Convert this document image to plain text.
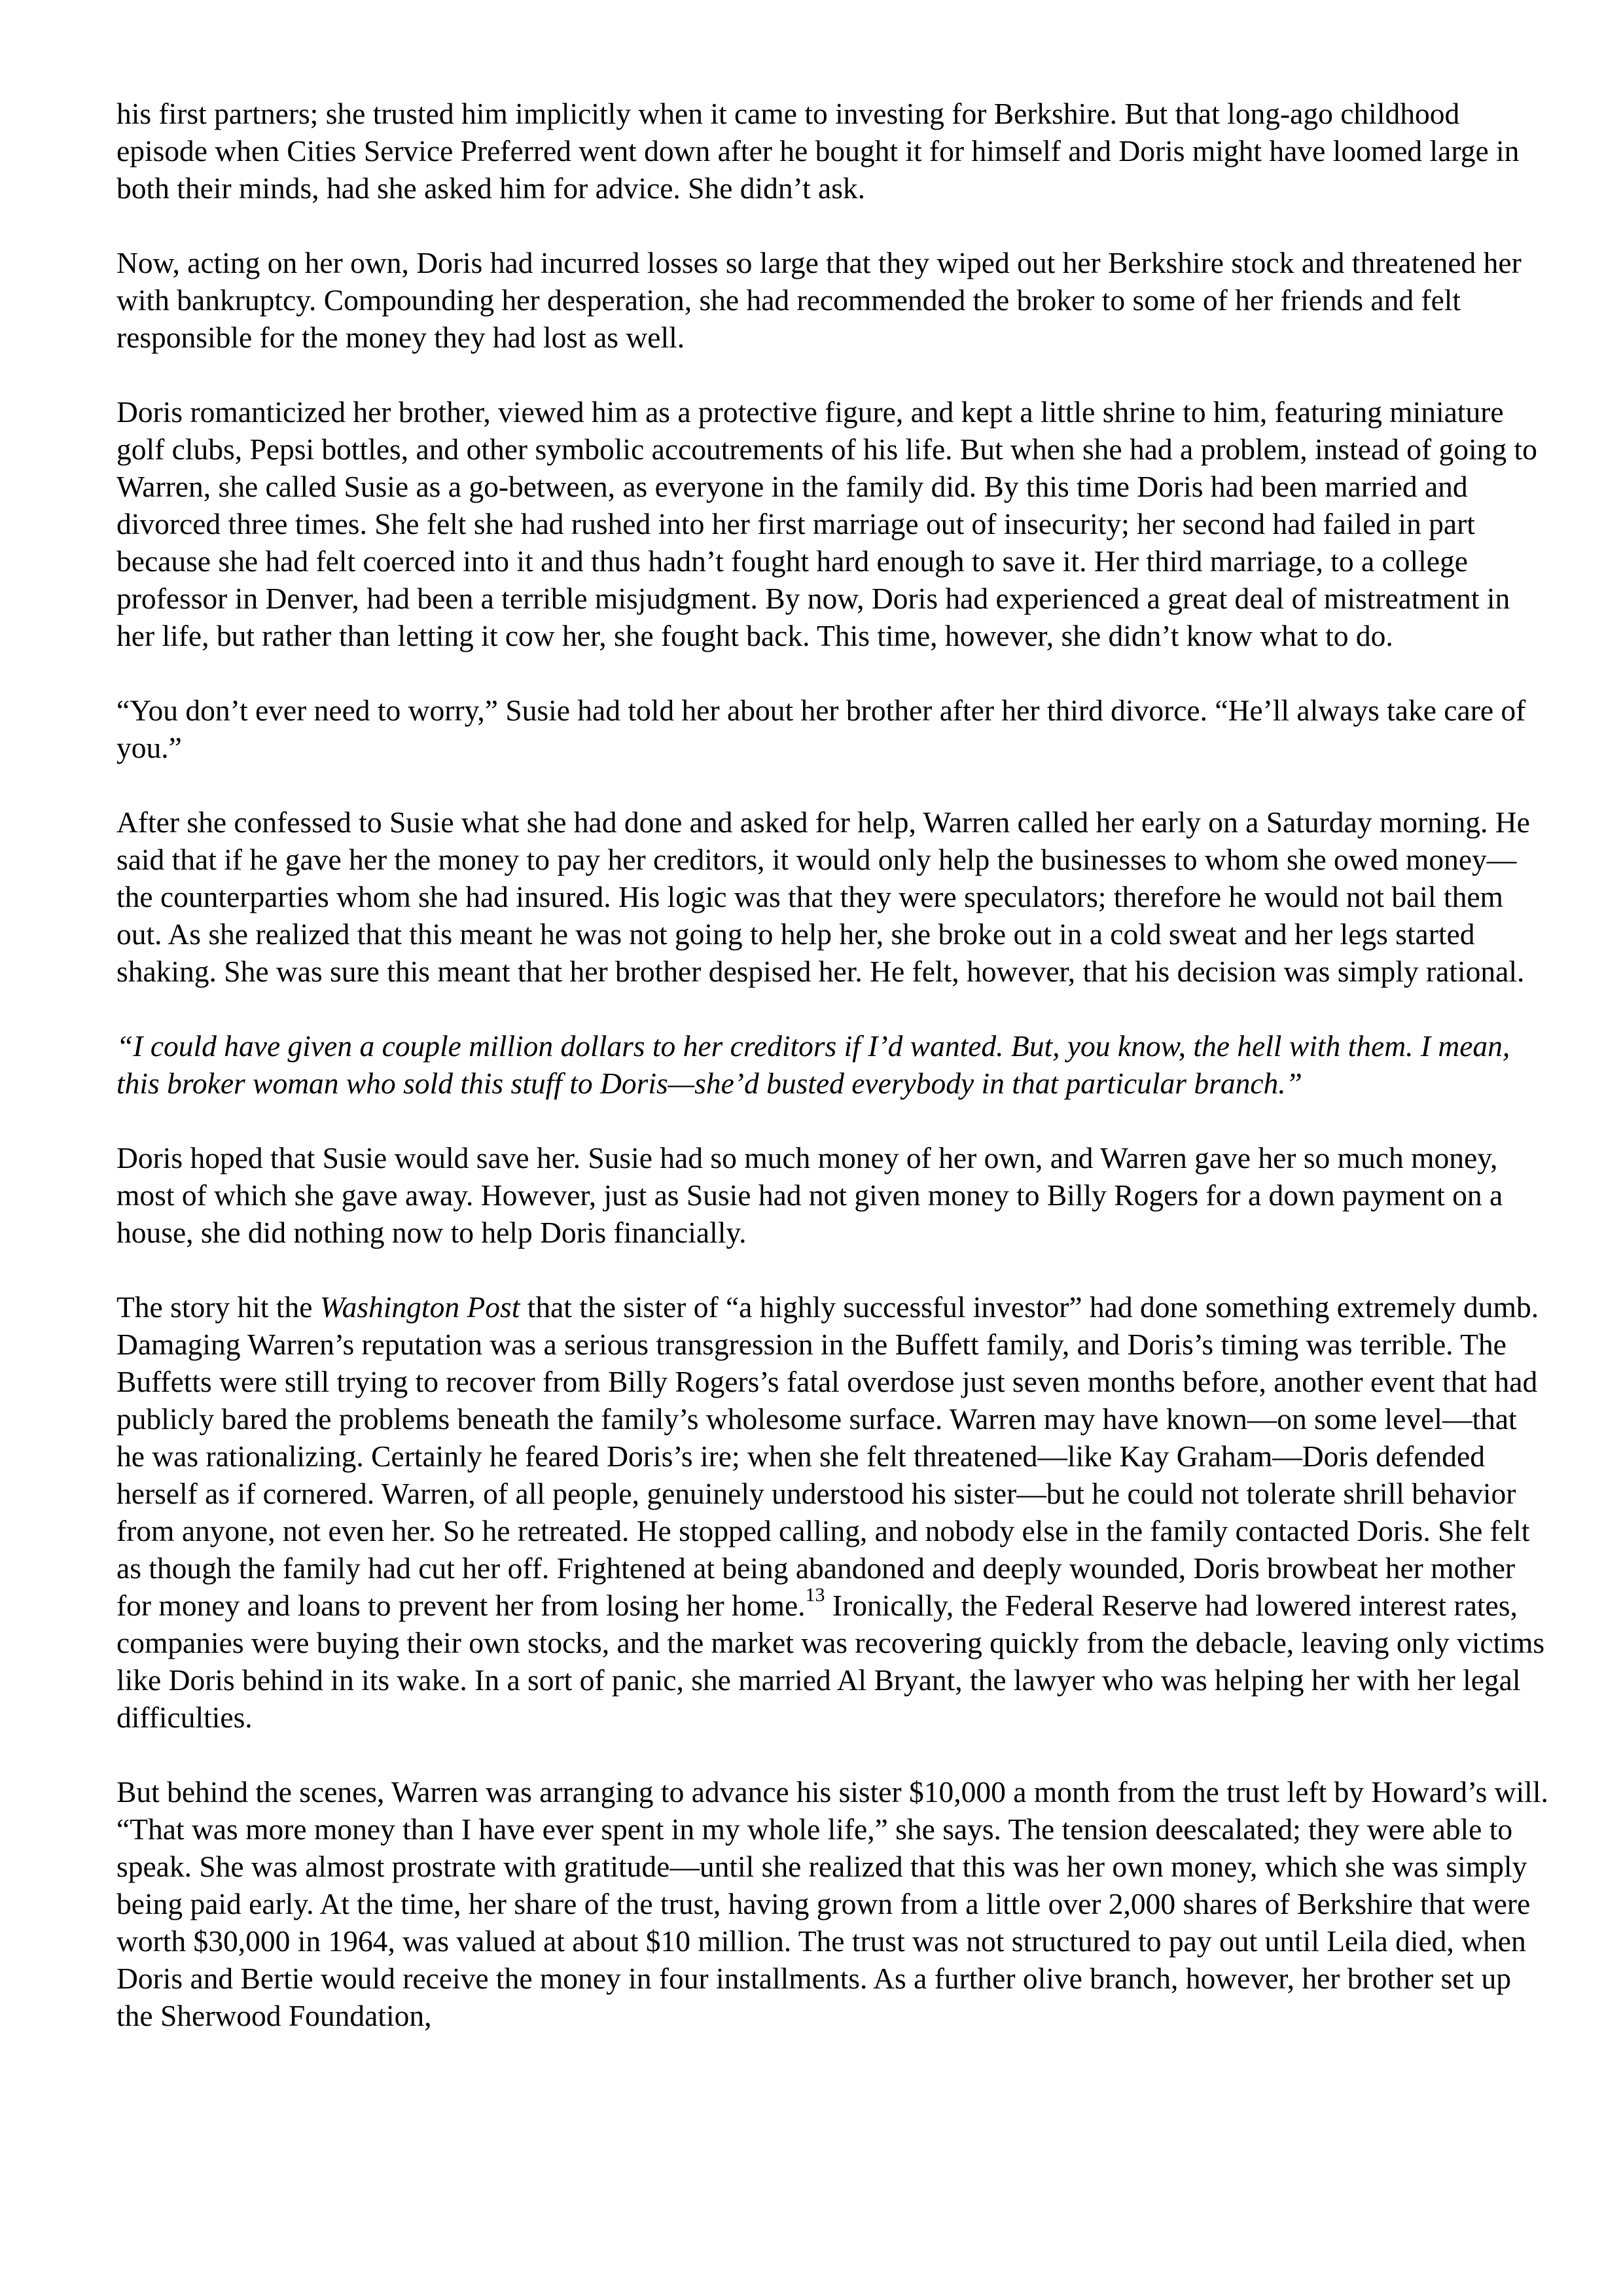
his first partners; she trusted him implicitly when it came to investing for Berkshire. But that long-ago childhood episode when Cities Service Preferred went down after he bought it for himself and Doris might have loomed large in both their minds, had she asked him for advice. She didn’t ask.

Now, acting on her own, Doris had incurred losses so large that they wiped out her Berkshire stock and threatened her with bankruptcy. Compounding her desperation, she had recommended the broker to some of her friends and felt responsible for the money they had lost as well.

Doris romanticized her brother, viewed him as a protective figure, and kept a little shrine to him, featuring miniature golf clubs, Pepsi bottles, and other symbolic accoutrements of his life. But when she had a problem, instead of going to Warren, she called Susie as a go-between, as everyone in the family did. By this time Doris had been married and divorced three times. She felt she had rushed into her first marriage out of insecurity; her second had failed in part because she had felt coerced into it and thus hadn’t fought hard enough to save it. Her third marriage, to a college professor in Denver, had been a terrible misjudgment. By now, Doris had experienced a great deal of mistreatment in her life, but rather than letting it cow her, she fought back. This time, however, she didn’t know what to do.

“You don’t ever need to worry,” Susie had told her about her brother after her third divorce. “He’ll always take care of you.”

After she confessed to Susie what she had done and asked for help, Warren called her early on a Saturday morning. He said that if he gave her the money to pay her creditors, it would only help the businesses to whom she owed money—the counterparties whom she had insured. His logic was that they were speculators; therefore he would not bail them out. As she realized that this meant he was not going to help her, she broke out in a cold sweat and her legs started shaking. She was sure this meant that her brother despised her. He felt, however, that his decision was simply rational.

“I could have given a couple million dollars to her creditors if I’d wanted. But, you know, the hell with them. I mean, this broker woman who sold this stuff to Doris—she’d busted everybody in that particular branch.”

Doris hoped that Susie would save her. Susie had so much money of her own, and Warren gave her so much money, most of which she gave away. However, just as Susie had not given money to Billy Rogers for a down payment on a house, she did nothing now to help Doris financially.

The story hit the Washington Post that the sister of “a highly successful investor” had done something extremely dumb. Damaging Warren’s reputation was a serious transgression in the Buffett family, and Doris’s timing was terrible. The Buffetts were still trying to recover from Billy Rogers’s fatal overdose just seven months before, another event that had publicly bared the problems beneath the family’s wholesome surface. Warren may have known—on some level—that he was rationalizing. Certainly he feared Doris’s ire; when she felt threatened—like Kay Graham—Doris defended herself as if cornered. Warren, of all people, genuinely understood his sister—but he could not tolerate shrill behavior from anyone, not even her. So he retreated. He stopped calling, and nobody else in the family contacted Doris. She felt as though the family had cut her off. Frightened at being abandoned and deeply wounded, Doris browbeat her mother for money and loans to prevent her from losing her home.$^{13}$ Ironically, the Federal Reserve had lowered interest rates, companies were buying their own stocks, and the market was recovering quickly from the debacle, leaving only victims like Doris behind in its wake. In a sort of panic, she married Al Bryant, the lawyer who was helping her with her legal difficulties.

But behind the scenes, Warren was arranging to advance his sister $10,000 a month from the trust left by Howard’s will. “That was more money than I have ever spent in my whole life,” she says. The tension deescalated; they were able to speak. She was almost prostrate with gratitude—until she realized that this was her own money, which she was simply being paid early. At the time, her share of the trust, having grown from a little over 2,000 shares of Berkshire that were worth $30,000 in 1964, was valued at about $10 million. The trust was not structured to pay out until Leila died, when Doris and Bertie would receive the money in four installments. As a further olive branch, however, her brother set up the Sherwood Foundation,
